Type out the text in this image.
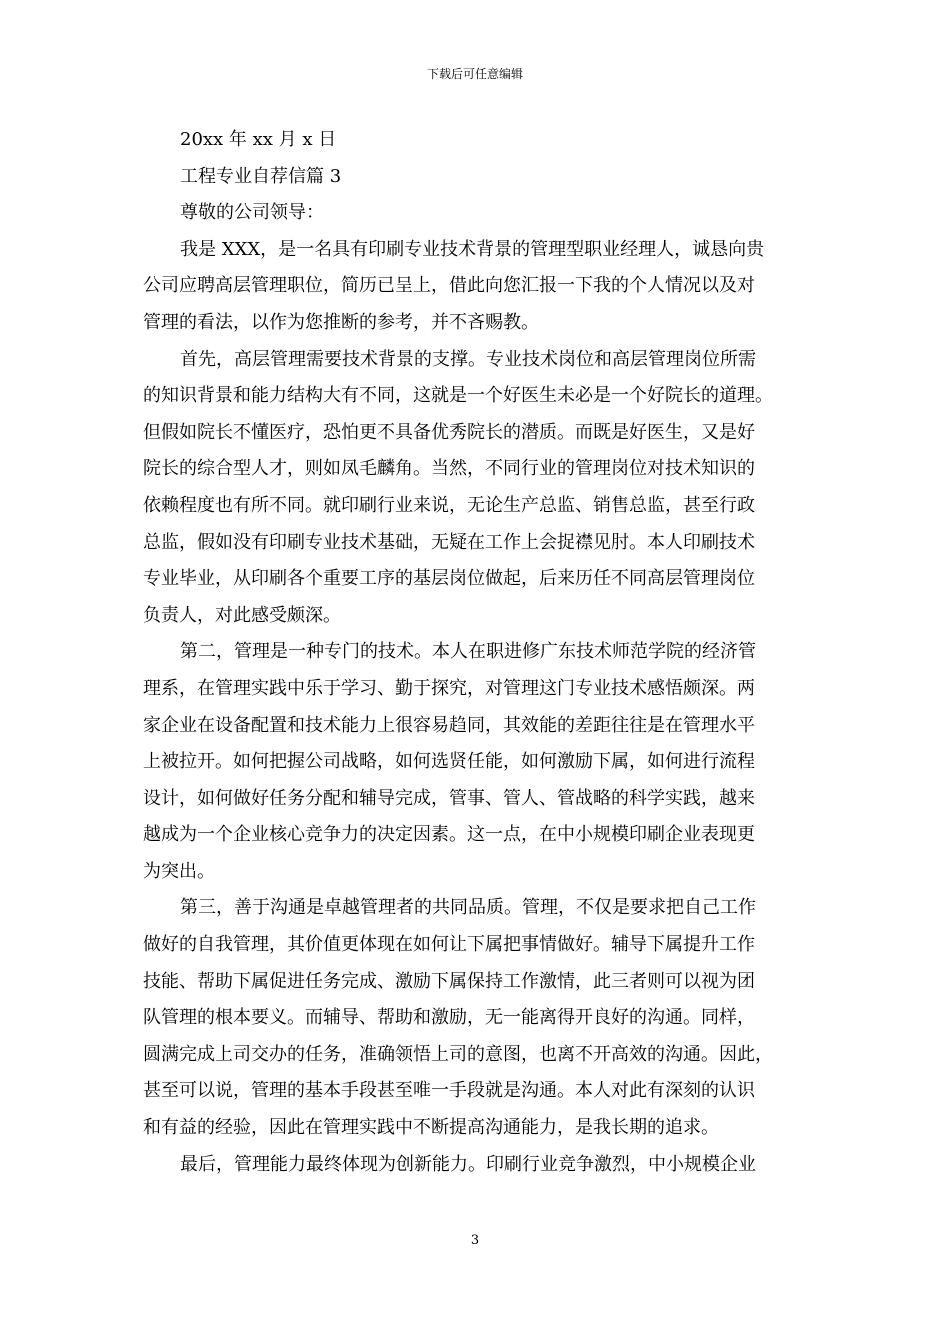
下载后可任意编辑
20xx 年 xx 月 x 日
工程专业自荐信篇 3
尊敬的公司领导：
我是 XXX，是一名具有印刷专业技术背景的管理型职业经理人，诚恳向贵
公司应聘高层管理职位，简历已呈上，借此向您汇报一下我的个人情况以及对
管理的看法，以作为您推断的参考，并不吝赐教。
首先，高层管理需要技术背景的支撑。专业技术岗位和高层管理岗位所需
的知识背景和能力结构大有不同，这就是一个好医生未必是一个好院长的道理。
但假如院长不懂医疗，恐怕更不具备优秀院长的潜质。而既是好医生，又是好
院长的综合型人才，则如凤毛麟角。当然，不同行业的管理岗位对技术知识的
依赖程度也有所不同。就印刷行业来说，无论生产总监、销售总监，甚至行政
总监，假如没有印刷专业技术基础，无疑在工作上会捉襟见肘。本人印刷技术
专业毕业，从印刷各个重要工序的基层岗位做起，后来历任不同高层管理岗位
负责人，对此感受颇深。
第二，管理是一种专门的技术。本人在职进修广东技术师范学院的经济管
理系，在管理实践中乐于学习、勤于探究，对管理这门专业技术感悟颇深。两
家企业在设备配置和技术能力上很容易趋同，其效能的差距往往是在管理水平
上被拉开。如何把握公司战略，如何选贤任能，如何激励下属，如何进行流程
设计，如何做好任务分配和辅导完成，管事、管人、管战略的科学实践，越来
越成为一个企业核心竞争力的决定因素。这一点，在中小规模印刷企业表现更
为突出。
第三，善于沟通是卓越管理者的共同品质。管理，不仅是要求把自己工作
做好的自我管理，其价值更体现在如何让下属把事情做好。辅导下属提升工作
技能、帮助下属促进任务完成、激励下属保持工作激情，此三者则可以视为团
队管理的根本要义。而辅导、帮助和激励，无一能离得开良好的沟通。同样，
圆满完成上司交办的任务，准确领悟上司的意图，也离不开高效的沟通。因此，
甚至可以说，管理的基本手段甚至唯一手段就是沟通。本人对此有深刻的认识
和有益的经验，因此在管理实践中不断提高沟通能力，是我长期的追求。
最后，管理能力最终体现为创新能力。印刷行业竞争激烈，中小规模企业
3
